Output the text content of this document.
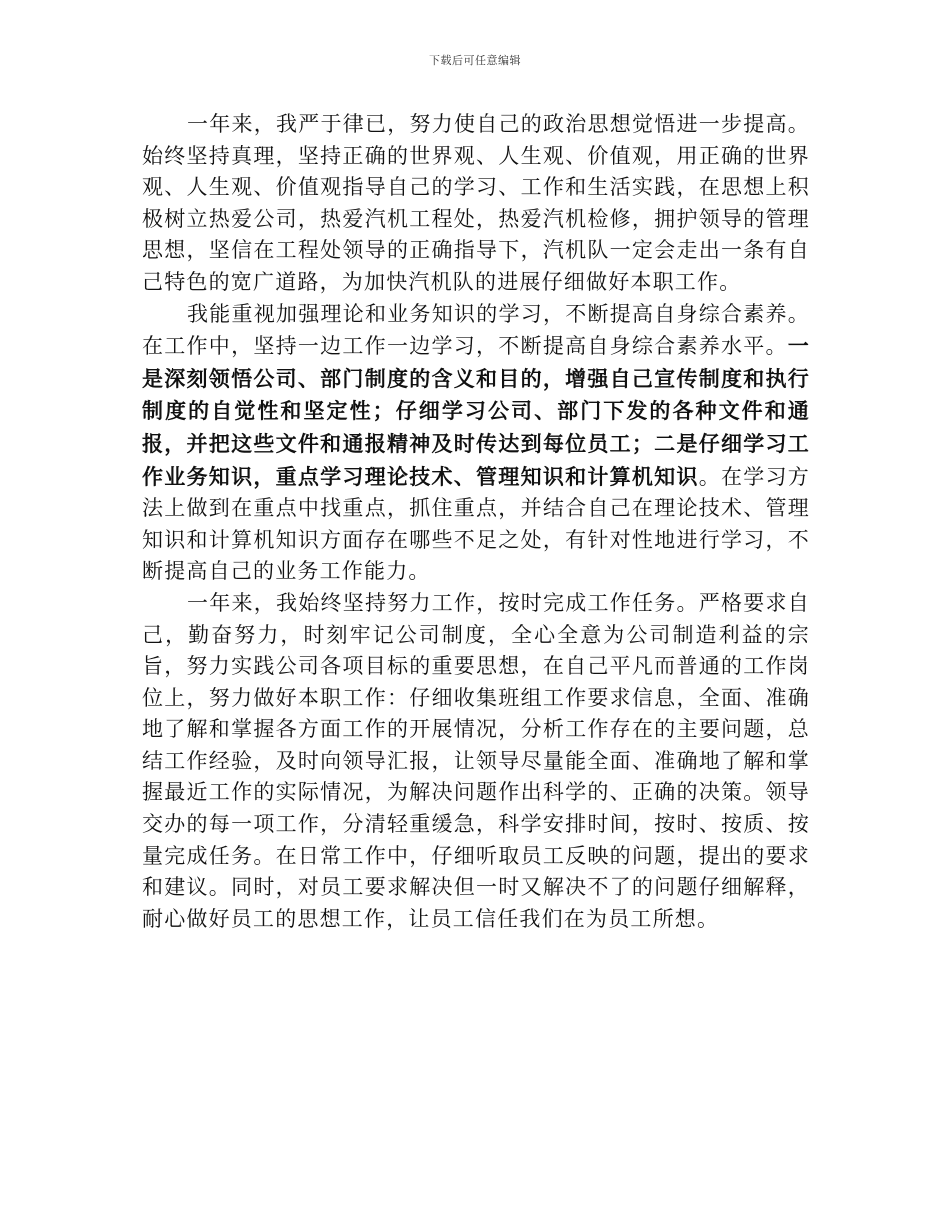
下载后可任意编辑

一年来，我严于律已，努力使自己的政治思想觉悟进一步提高。始终坚持真理，坚持正确的世界观、人生观、价值观，用正确的世界观、人生观、价值观指导自己的学习、工作和生活实践，在思想上积极树立热爱公司，热爱汽机工程处，热爱汽机检修，拥护领导的管理思想，坚信在工程处领导的正确指导下，汽机队一定会走出一条有自己特色的宽广道路，为加快汽机队的进展仔细做好本职工作。

我能重视加强理论和业务知识的学习，不断提高自身综合素养。在工作中，坚持一边工作一边学习，不断提高自身综合素养水平。一是深刻领悟公司、部门制度的含义和目的，增强自己宣传制度和执行制度的自觉性和坚定性；仔细学习公司、部门下发的各种文件和通报，并把这些文件和通报精神及时传达到每位员工；二是仔细学习工作业务知识，重点学习理论技术、管理知识和计算机知识。在学习方法上做到在重点中找重点，抓住重点，并结合自己在理论技术、管理知识和计算机知识方面存在哪些不足之处，有针对性地进行学习，不断提高自己的业务工作能力。

一年来，我始终坚持努力工作，按时完成工作任务。严格要求自己，勤奋努力，时刻牢记公司制度，全心全意为公司制造利益的宗旨，努力实践公司各项目标的重要思想，在自己平凡而普通的工作岗位上，努力做好本职工作：仔细收集班组工作要求信息，全面、准确地了解和掌握各方面工作的开展情况，分析工作存在的主要问题，总结工作经验，及时向领导汇报，让领导尽量能全面、准确地了解和掌握最近工作的实际情况，为解决问题作出科学的、正确的决策。领导交办的每一项工作，分清轻重缓急，科学安排时间，按时、按质、按量完成任务。在日常工作中，仔细听取员工反映的问题，提出的要求和建议。同时，对员工要求解决但一时又解决不了的问题仔细解释，耐心做好员工的思想工作，让员工信任我们在为员工所想。
